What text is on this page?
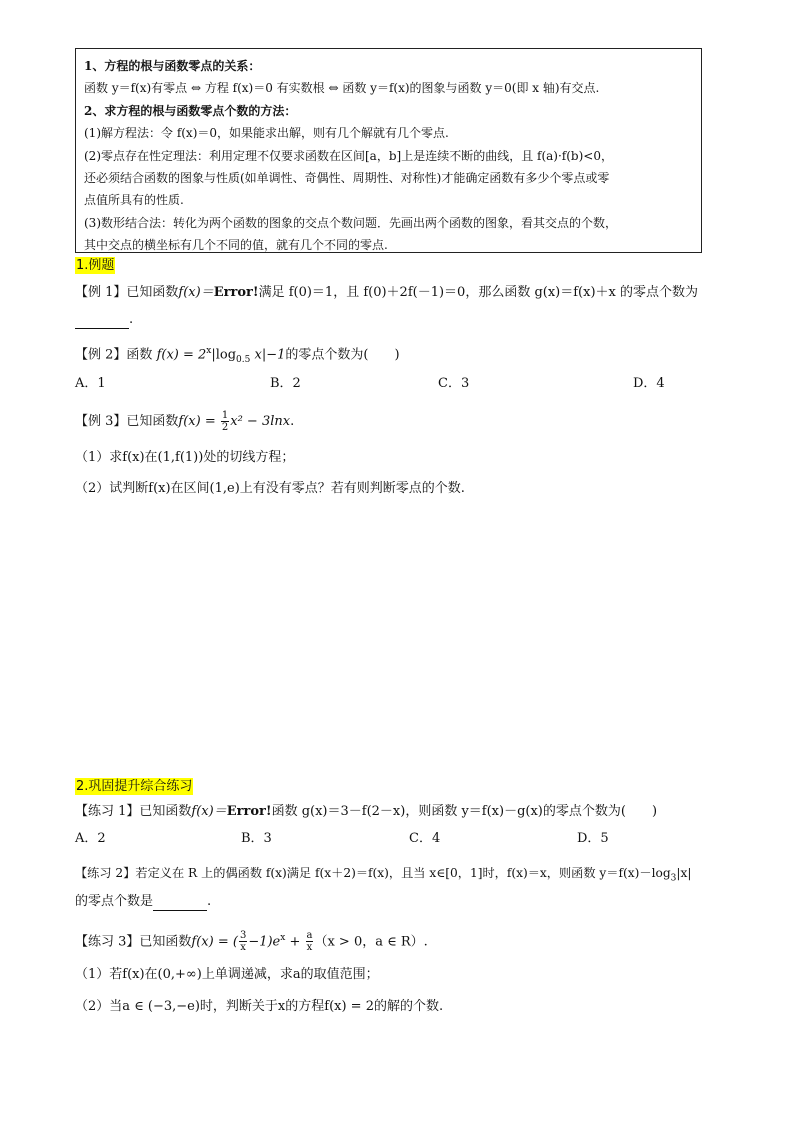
1、方程的根与函数零点的关系：

函数 y＝f(x)有零点 ⇔ 方程 f(x)＝0 有实数根 ⇔ 函数 y＝f(x)的图象与函数 y＝0(即 x 轴)有交点.

2、求方程的根与函数零点个数的方法：

(1)解方程法：令 f(x)＝0，如果能求出解，则有几个解就有几个零点.

(2)零点存在性定理法：利用定理不仅要求函数在区间[a，b]上是连续不断的曲线，且 f(a)·f(b)<0，

还必须结合函数的图象与性质(如单调性、奇偶性、周期性、对称性)才能确定函数有多少个零点或零

点值所具有的性质.

(3)数形结合法：转化为两个函数的图象的交点个数问题．先画出两个函数的图象，看其交点的个数，

其中交点的横坐标有几个不同的值，就有几个不同的零点.

1.例题
【例 1】已知函数f(x)＝Error!满足 f(0)＝1，且 f(0)＋2f(－1)＝0，那么函数 g(x)＝f(x)＋x 的零点个数为
.
【例 2】函数 $f(x) = 2^x|\log_{0.5}$ x|−1的零点个数为(　　)
A．1	B．2	C．3	D．4
【例 3】已知函数$f(x) = \frac{1}{2} x^2 - 3\ln x$.
（1）求f(x)在(1,f(1))处的切线方程；
（2）试判断f(x)在区间(1,e)上有没有零点？若有则判断零点的个数.
2.巩固提升综合练习
【练习 1】已知函数f(x)＝Error!函数 g(x)＝3－f(2－x)，则函数 y＝f(x)－g(x)的零点个数为(　　)
A．2	B．3	C．4	D．5
【练习 2】若定义在 R 上的偶函数 f(x)满足 f(x＋2)＝f(x)，且当 x∈[0，1]时，f(x)＝x，则函数 $y=f(x)-\log_3|x|$
的零点个数是	.
【练习 3】已知函数f(x) = ( $\frac{3}{x} -1)e^x + \frac{a}{x} (x > 0$，a ∈ R）.
（1）若f(x)在(0,+∞)上单调递减，求a的取值范围；
（2）当a ∈ (−3,−e)时，判断关于x的方程f(x) = 2的解的个数.
